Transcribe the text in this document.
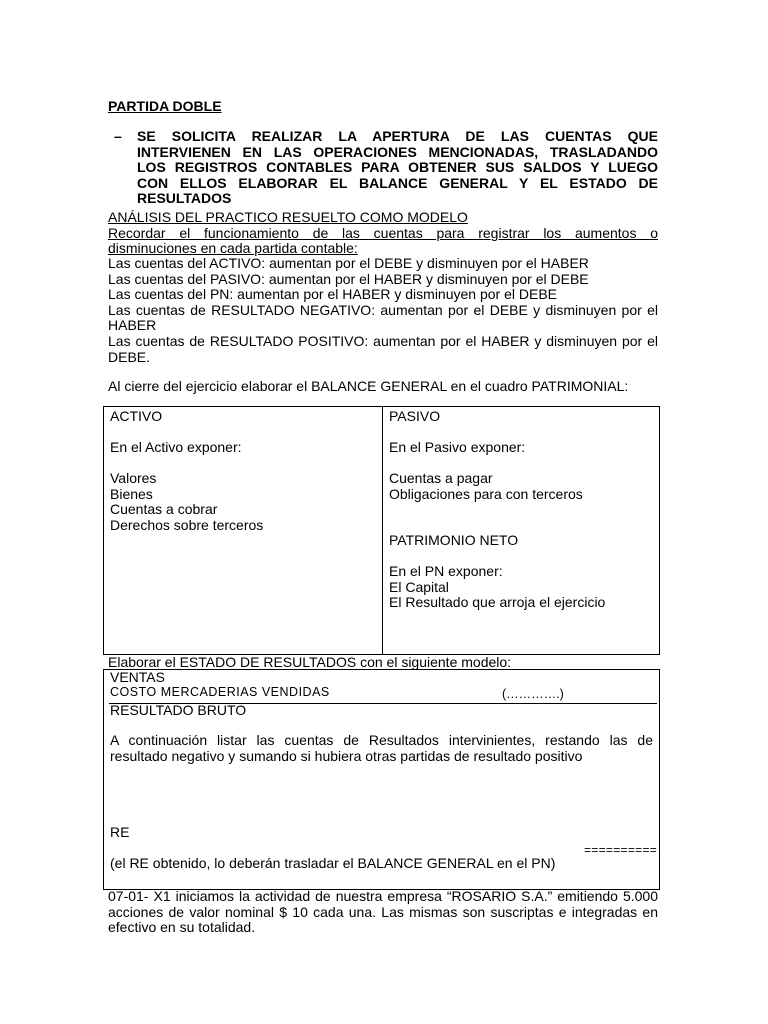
PARTIDA DOBLE
– SE SOLICITA REALIZAR LA APERTURA DE LAS CUENTAS QUE
INTERVIENEN EN LAS OPERACIONES MENCIONADAS, TRASLADANDO
LOS REGISTROS CONTABLES PARA OBTENER SUS SALDOS Y LUEGO
CON ELLOS ELABORAR EL BALANCE GENERAL Y EL ESTADO DE
RESULTADOS
ANÁLISIS DEL PRACTICO RESUELTO COMO MODELO
Recordar el funcionamiento de las cuentas para registrar los aumentos o
disminuciones en cada partida contable:
Las cuentas del ACTIVO: aumentan por el DEBE y disminuyen por el HABER
Las cuentas del PASIVO: aumentan por el HABER y disminuyen por el DEBE
Las cuentas del PN: aumentan por el HABER y disminuyen por el DEBE
Las cuentas de RESULTADO NEGATIVO: aumentan por el DEBE y disminuyen por el
HABER
Las cuentas de RESULTADO POSITIVO: aumentan por el HABER y disminuyen por el
DEBE.
Al cierre del ejercicio elaborar el BALANCE GENERAL en el cuadro PATRIMONIAL:
ACTIVO
En el Activo exponer:
Valores
Bienes
Cuentas a cobrar
Derechos sobre terceros
PASIVO
En el Pasivo exponer:
Cuentas a pagar
Obligaciones para con terceros
PATRIMONIO NETO
En el PN exponer:
El Capital
El Resultado que arroja el ejercicio
Elaborar el ESTADO DE RESULTADOS con el siguiente modelo:
VENTAS
COSTO MERCADERIAS VENDIDAS	(………….)
RESULTADO BRUTO
A continuación listar las cuentas de Resultados intervinientes, restando las de
resultado negativo y sumando si hubiera otras partidas de resultado positivo
RE
==========
(el RE obtenido, lo deberán trasladar el BALANCE GENERAL en el PN)
07-01- X1 iniciamos la actividad de nuestra empresa “ROSARIO S.A.” emitiendo 5.000
acciones de valor nominal $ 10 cada una. Las mismas son suscriptas e integradas en
efectivo en su totalidad.
